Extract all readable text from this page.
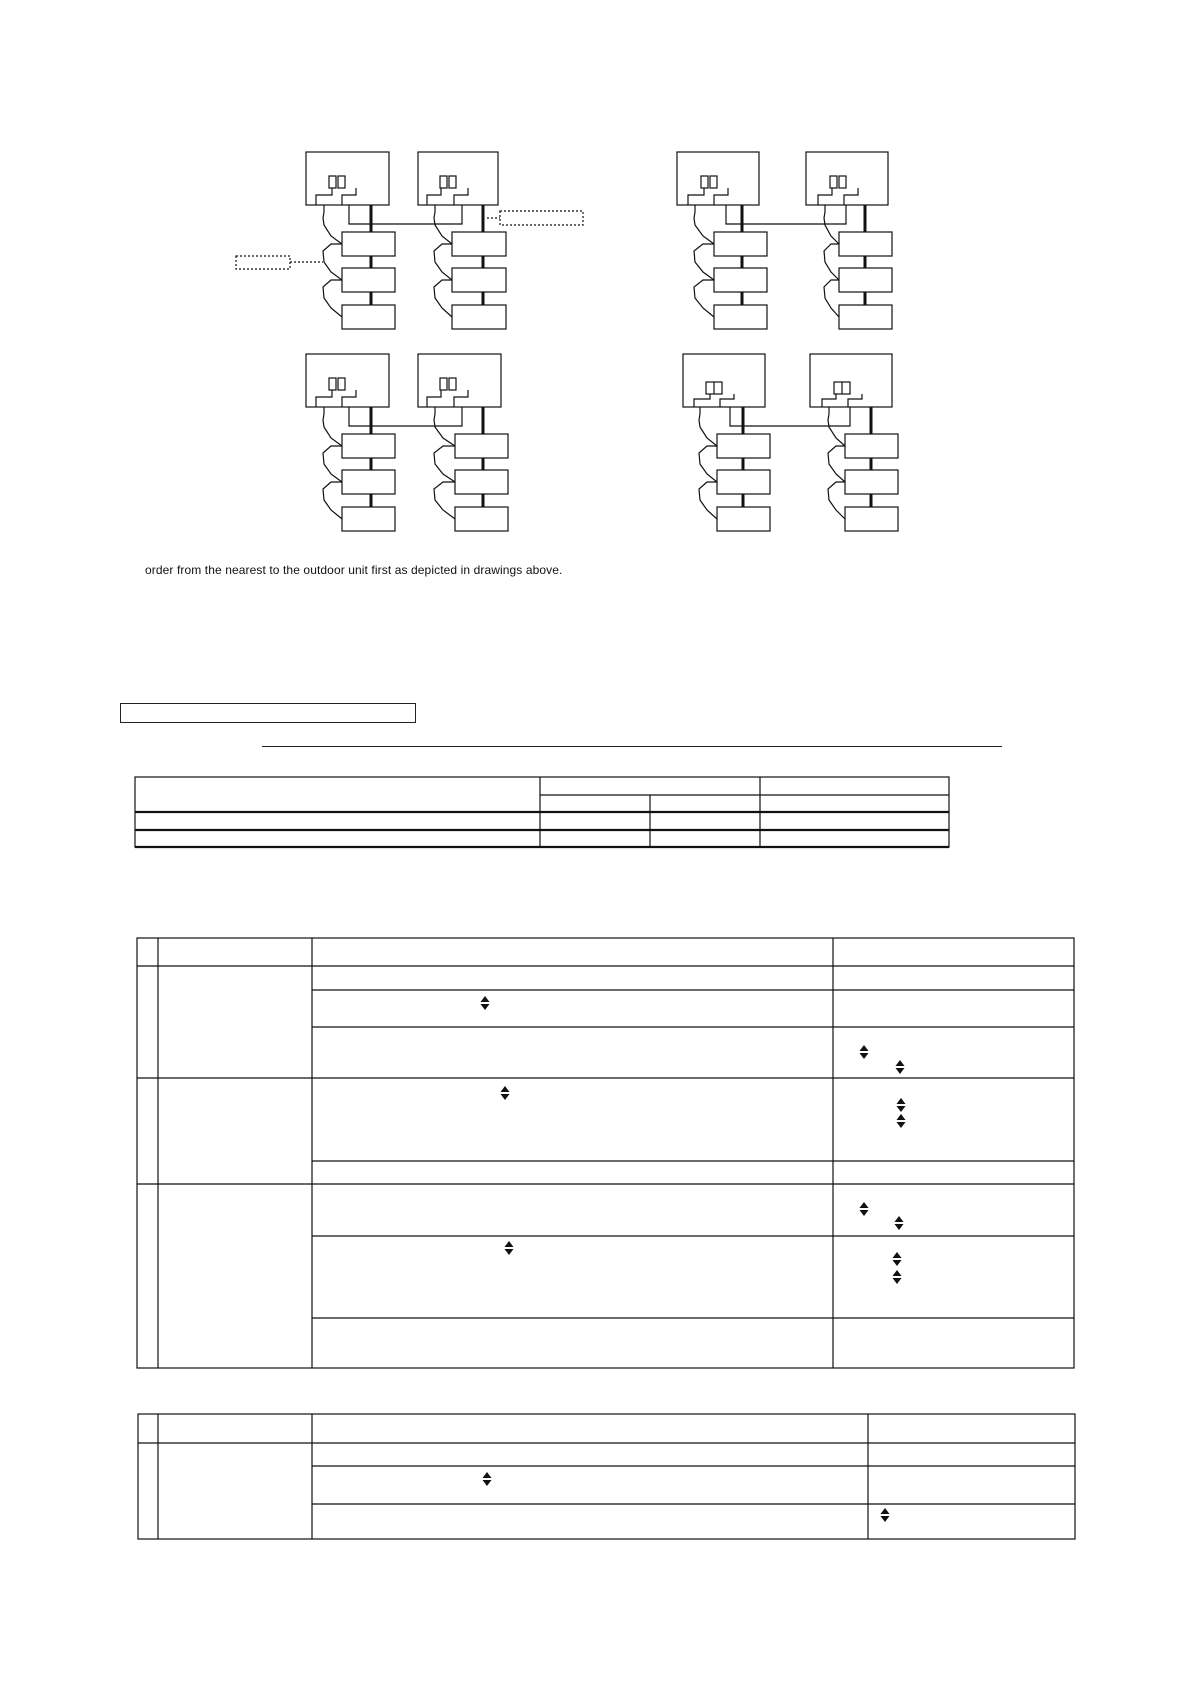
order from the nearest to the outdoor unit first as depicted in drawings above.
